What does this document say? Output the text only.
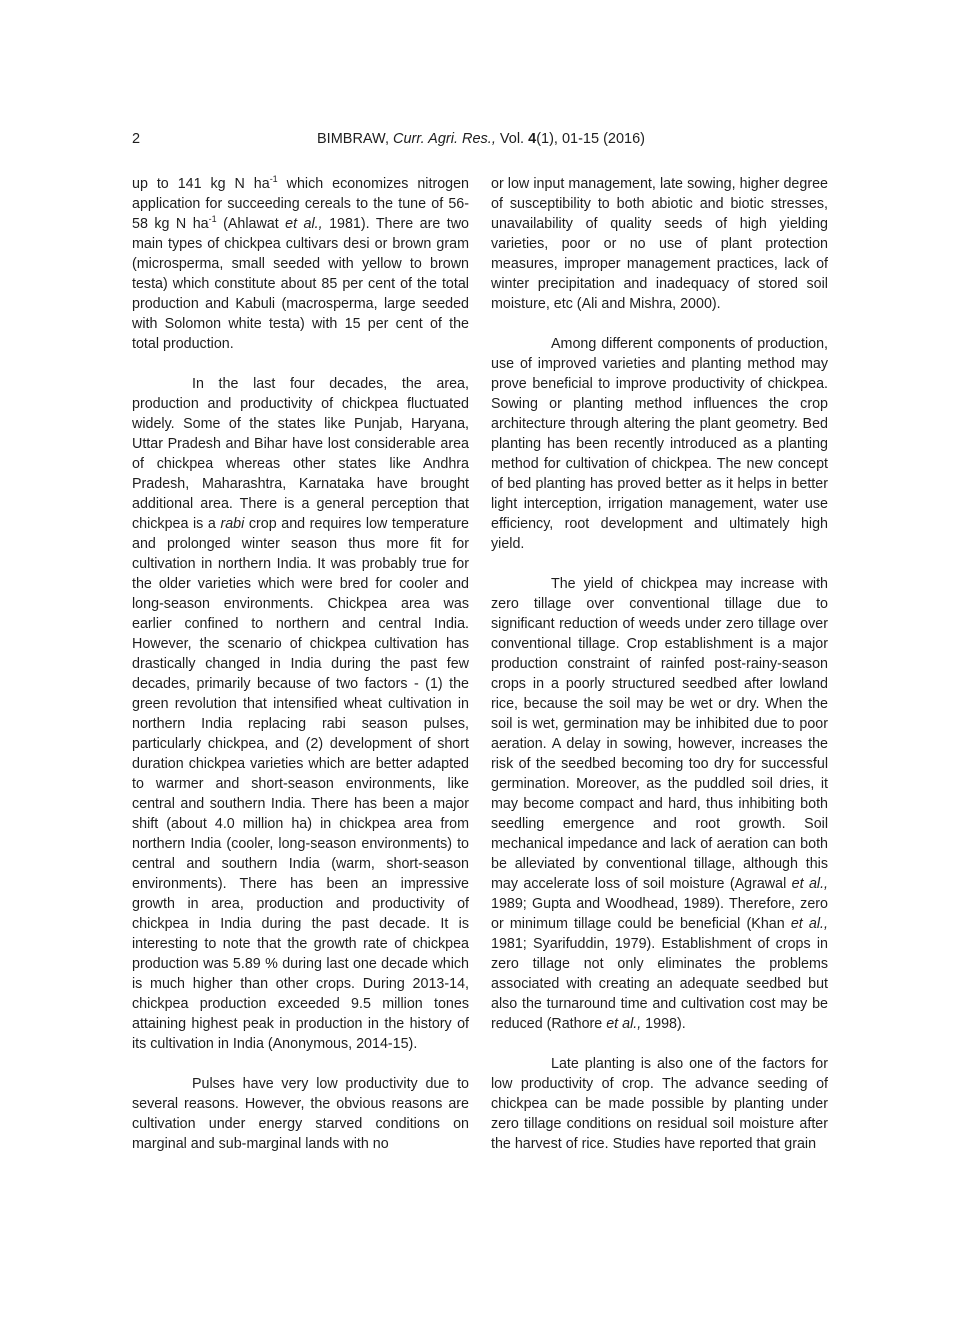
2	BIMBRAW, Curr. Agri. Res., Vol. 4(1), 01-15 (2016)

up to 141 kg N $ha^{-1}$ which economizes nitrogen application for succeeding cereals to the tune of 56-58 kg N $ha^{-1}$ (Ahlawat et al., 1981). There are two main types of chickpea cultivars desi or brown gram (microsperma, small seeded with yellow to brown testa) which constitute about 85 per cent of the total production and Kabuli (macrosperma, large seeded with Solomon white testa) with 15 per cent of the total production.

In the last four decades, the area, production and productivity of chickpea fluctuated widely. Some of the states like Punjab, Haryana, Uttar Pradesh and Bihar have lost considerable area of chickpea whereas other states like Andhra Pradesh, Maharashtra, Karnataka have brought additional area. There is a general perception that chickpea is a rabi crop and requires low temperature and prolonged winter season thus more fit for cultivation in northern India. It was probably true for the older varieties which were bred for cooler and long-season environments. Chickpea area was earlier confined to northern and central India. However, the scenario of chickpea cultivation has drastically changed in India during the past few decades, primarily because of two factors - (1) the green revolution that intensified wheat cultivation in northern India replacing rabi season pulses, particularly chickpea, and (2) development of short duration chickpea varieties which are better adapted to warmer and short-season environments, like central and southern India. There has been a major shift (about 4.0 million ha) in chickpea area from northern India (cooler, long-season environments) to central and southern India (warm, short-season environments). There has been an impressive growth in area, production and productivity of chickpea in India during the past decade. It is interesting to note that the growth rate of chickpea production was 5.89 % during last one decade which is much higher than other crops. During 2013-14, chickpea production exceeded 9.5 million tones attaining highest peak in production in the history of its cultivation in India (Anonymous, 2014-15).

Pulses have very low productivity due to several reasons. However, the obvious reasons are cultivation under energy starved conditions on marginal and sub-marginal lands with no

or low input management, late sowing, higher degree of susceptibility to both abiotic and biotic stresses, unavailability of quality seeds of high yielding varieties, poor or no use of plant protection measures, improper management practices, lack of winter precipitation and inadequacy of stored soil moisture, etc (Ali and Mishra, 2000).

Among different components of production, use of improved varieties and planting method may prove beneficial to improve productivity of chickpea. Sowing or planting method influences the crop architecture through altering the plant geometry. Bed planting has been recently introduced as a planting method for cultivation of chickpea. The new concept of bed planting has proved better as it helps in better light interception, irrigation management, water use efficiency, root development and ultimately high yield.

The yield of chickpea may increase with zero tillage over conventional tillage due to significant reduction of weeds under zero tillage over conventional tillage. Crop establishment is a major production constraint of rainfed post-rainy-season crops in a poorly structured seedbed after lowland rice, because the soil may be wet or dry. When the soil is wet, germination may be inhibited due to poor aeration. A delay in sowing, however, increases the risk of the seedbed becoming too dry for successful germination. Moreover, as the puddled soil dries, it may become compact and hard, thus inhibiting both seedling emergence and root growth. Soil mechanical impedance and lack of aeration can both be alleviated by conventional tillage, although this may accelerate loss of soil moisture (Agrawal et al., 1989; Gupta and Woodhead, 1989). Therefore, zero or minimum tillage could be beneficial (Khan et al., 1981; Syarifuddin, 1979). Establishment of crops in zero tillage not only eliminates the problems associated with creating an adequate seedbed but also the turnaround time and cultivation cost may be reduced (Rathore et al., 1998).

Late planting is also one of the factors for low productivity of crop. The advance seeding of chickpea can be made possible by planting under zero tillage conditions on residual soil moisture after the harvest of rice. Studies have reported that grain
